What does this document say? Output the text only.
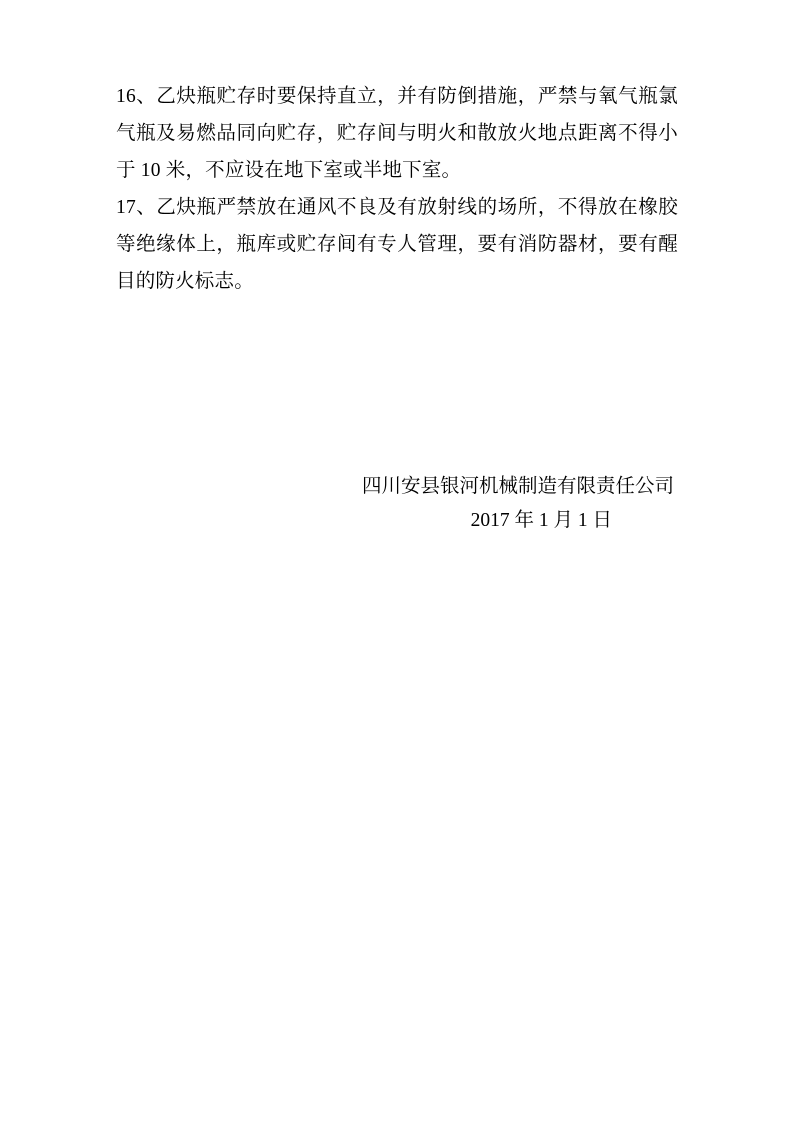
16、乙炔瓶贮存时要保持直立，并有防倒措施，严禁与氧气瓶氯气瓶及易燃品同向贮存，贮存间与明火和散放火地点距离不得小于 10 米，不应设在地下室或半地下室。

17、乙炔瓶严禁放在通风不良及有放射线的场所，不得放在橡胶等绝缘体上，瓶库或贮存间有专人管理，要有消防器材，要有醒目的防火标志。

四川安县银河机械制造有限责任公司

2017 年 1 月 1 日
